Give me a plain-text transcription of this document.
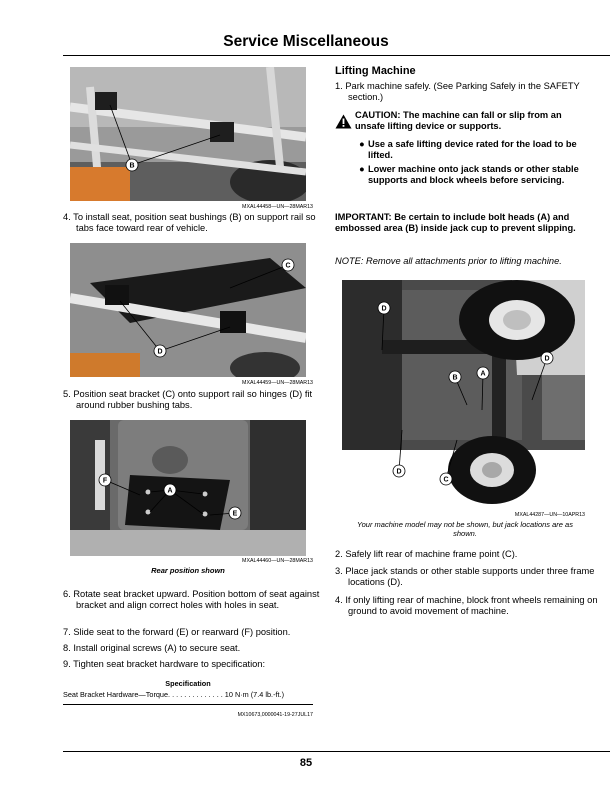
Service Miscellaneous
B
MXAL44458—UN—28MAR13
4. To install seat, position seat bushings (B) on support rail so tabs face toward rear of vehicle.
C
D
MXAL44459—UN—28MAR13
5. Position seat bracket (C) onto support rail so hinges (D) fit around rubber bushing tabs.
F
A
E
MXAL44460—UN—28MAR13
Rear position shown
6. Rotate seat bracket upward. Position bottom of seat against bracket and align correct holes with holes in seat.
7. Slide seat to the forward (E) or rearward (F) position.
8. Install original screws (A) to secure seat.
9. Tighten seat bracket hardware to specification:
Specification
Seat Bracket Hardware—Torque. . . . . . . . . . . . . . 10 N·m (7.4 lb.-ft.)
MX10673,0000041-19-27JUL17
Lifting Machine
1. Park machine safely. (See Parking Safely in the SAFETY section.)
CAUTION: The machine can fall or slip from an unsafe lifting device or supports.
● Use a safe lifting device rated for the load to be lifted.
● Lower machine onto jack stands or other stable supports and block wheels before servicing.
IMPORTANT: Be certain to include bolt heads (A) and embossed area (B) inside jack cup to prevent slipping.
NOTE: Remove all attachments prior to lifting machine.
D
D
B
A
D
C
MXAL44287—UN—10APR13
Your machine model may not be shown, but jack locations are as shown.
2. Safely lift rear of machine frame point (C).
3. Place jack stands or other stable supports under three frame locations (D).
4. If only lifting rear of machine, block front wheels remaining on ground to avoid movement of machine.
85
